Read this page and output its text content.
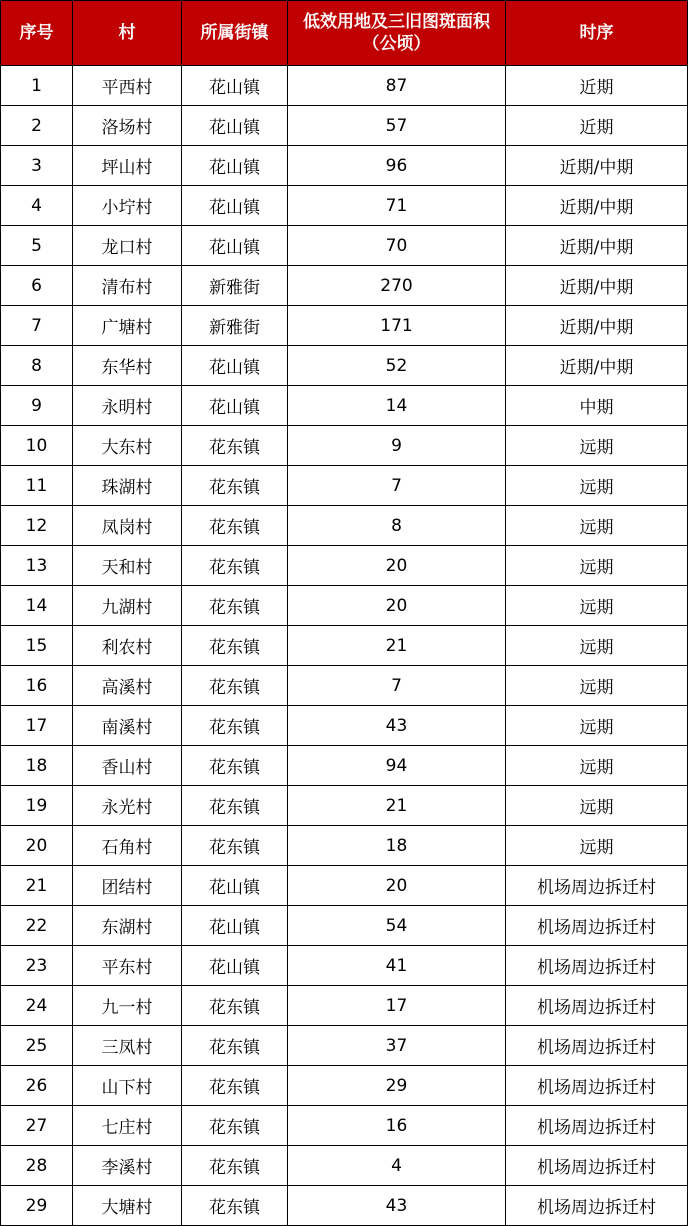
序号	村	所属街镇	低效用地及三旧图斑面积（公顷）	时序
1	平西村	花山镇	87	近期
2	洛场村	花山镇	57	近期
3	坪山村	花山镇	96	近期/中期
4	小坾村	花山镇	71	近期/中期
5	龙口村	花山镇	70	近期/中期
6	清布村	新雅街	270	近期/中期
7	广塘村	新雅街	171	近期/中期
8	东华村	花山镇	52	近期/中期
9	永明村	花山镇	14	中期
10	大东村	花东镇	9	远期
11	珠湖村	花东镇	7	远期
12	凤岗村	花东镇	8	远期
13	天和村	花东镇	20	远期
14	九湖村	花东镇	20	远期
15	利农村	花东镇	21	远期
16	高溪村	花东镇	7	远期
17	南溪村	花东镇	43	远期
18	香山村	花东镇	94	远期
19	永光村	花东镇	21	远期
20	石角村	花东镇	18	远期
21	团结村	花山镇	20	机场周边拆迁村
22	东湖村	花山镇	54	机场周边拆迁村
23	平东村	花山镇	41	机场周边拆迁村
24	九一村	花东镇	17	机场周边拆迁村
25	三凤村	花东镇	37	机场周边拆迁村
26	山下村	花东镇	29	机场周边拆迁村
27	七庄村	花东镇	16	机场周边拆迁村
28	李溪村	花东镇	4	机场周边拆迁村
29	大塘村	花东镇	43	机场周边拆迁村
